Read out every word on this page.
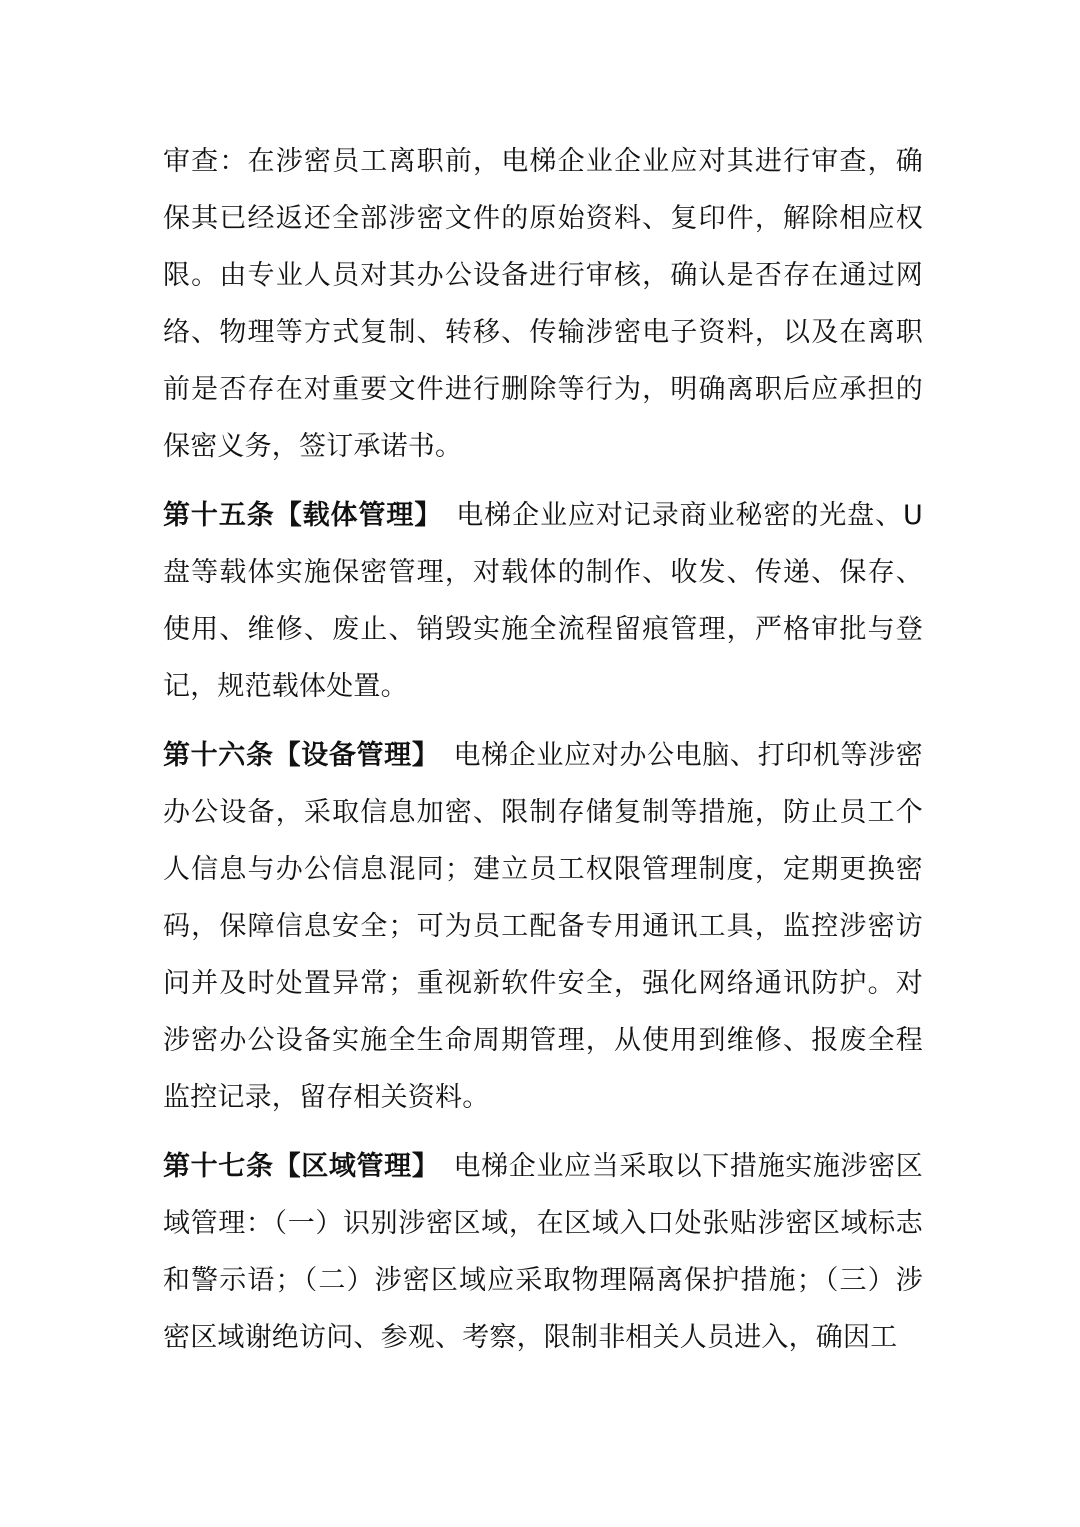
审查：在涉密员工离职前，电梯企业企业应对其进行审查，确保其已经返还全部涉密文件的原始资料、复印件，解除相应权限。由专业人员对其办公设备进行审核，确认是否存在通过网络、物理等方式复制、转移、传输涉密电子资料，以及在离职前是否存在对重要文件进行删除等行为，明确离职后应承担的保密义务，签订承诺书。

第十五条【载体管理】 电梯企业应对记录商业秘密的光盘、U盘等载体实施保密管理，对载体的制作、收发、传递、保存、使用、维修、废止、销毁实施全流程留痕管理，严格审批与登记，规范载体处置。

第十六条【设备管理】 电梯企业应对办公电脑、打印机等涉密办公设备，采取信息加密、限制存储复制等措施，防止员工个人信息与办公信息混同；建立员工权限管理制度，定期更换密码，保障信息安全；可为员工配备专用通讯工具，监控涉密访问并及时处置异常；重视新软件安全，强化网络通讯防护。对涉密办公设备实施全生命周期管理，从使用到维修、报废全程监控记录，留存相关资料。

第十七条【区域管理】 电梯企业应当采取以下措施实施涉密区域管理：（一）识别涉密区域，在区域入口处张贴涉密区域标志和警示语；（二）涉密区域应采取物理隔离保护措施；（三）涉密区域谢绝访问、参观、考察，限制非相关人员进入，确因工
